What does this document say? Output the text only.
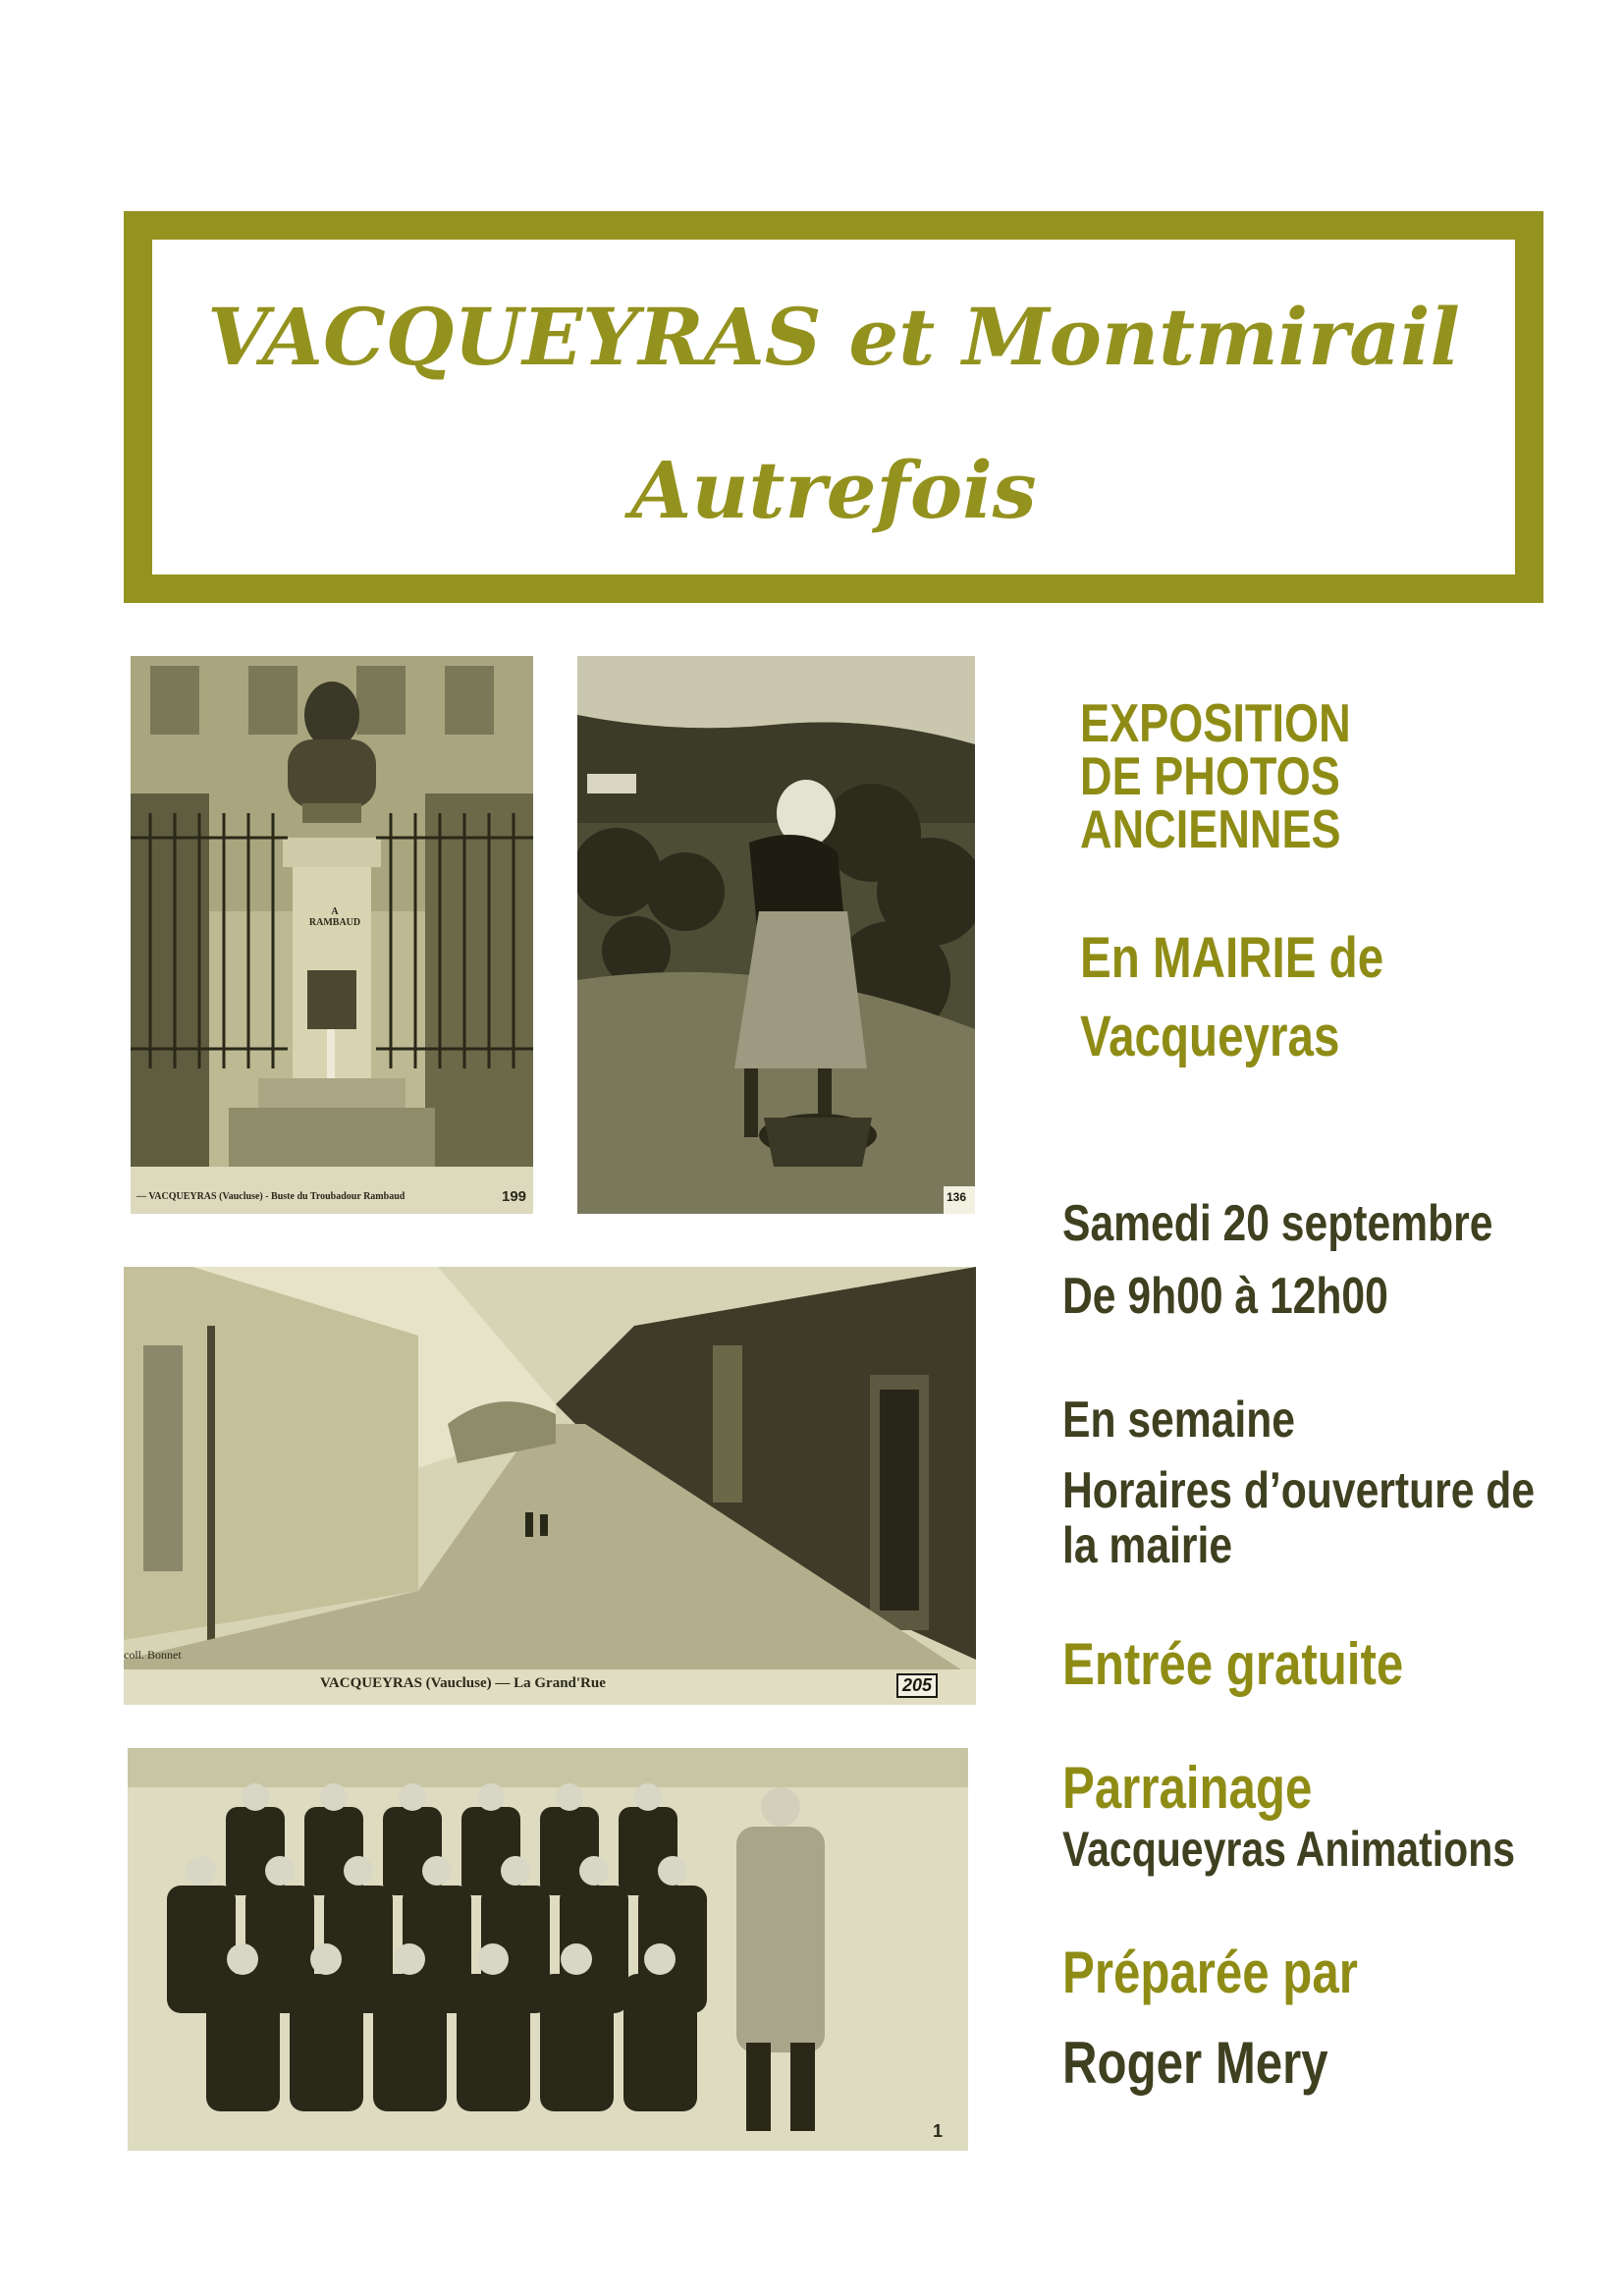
VACQUEYRAS et Montmirail
Autrefois
A RAMBAUD
— VACQUEYRAS (Vaucluse) - Buste du Troubadour Rambaud	199	136
coll. Bonnet
VACQUEYRAS (Vaucluse) — La Grand'Rue	205
1
EXPOSITION
DE PHOTOS
ANCIENNES
En MAIRIE de
Vacqueyras
Samedi 20 septembre
De 9h00 à 12h00
En semaine
Horaires d’ouverture de
la mairie
Entrée gratuite
Parrainage
Vacqueyras Animations
Préparée par
Roger Mery
